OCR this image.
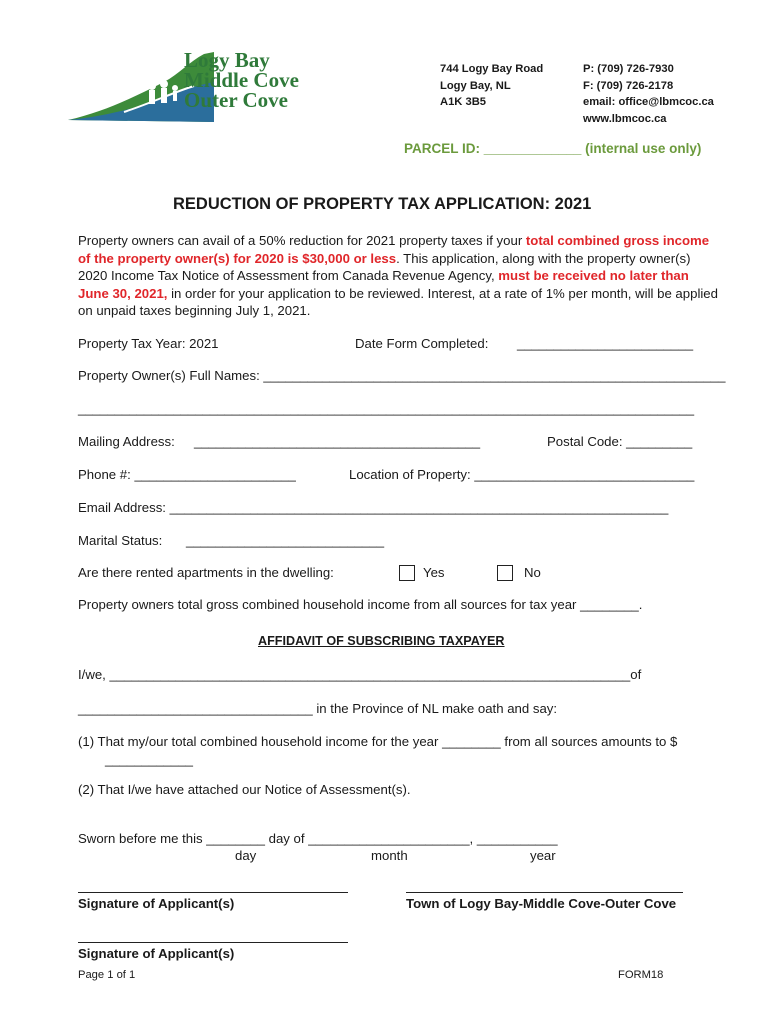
Logy Bay
Middle Cove
Outer Cove
744 Logy Bay Road
Logy Bay, NL
A1K 3B5
P: (709) 726-7930
F: (709) 726-2178
email: office@lbmcoc.ca
www.lbmcoc.ca
PARCEL ID: _____________ (internal use only)
REDUCTION OF PROPERTY TAX APPLICATION: 2021
Property owners can avail of a 50% reduction for 2021 property taxes if your total combined gross income of the property owner(s) for 2020 is $30,000 or less. This application, along with the property owner(s) 2020 Income Tax Notice of Assessment from Canada Revenue Agency, must be received no later than June 30, 2021, in order for your application to be reviewed. Interest, at a rate of 1% per month, will be applied on unpaid taxes beginning July 1, 2021.
Property Tax Year: 2021	Date Form Completed: ________________________
Property Owner(s) Full Names: _______________________________________________________________
____________________________________________________________________________________
Mailing Address: _______________________________________	Postal Code: _________
Phone #: ______________________	Location of Property: ______________________________
Email Address: ____________________________________________________________________
Marital Status: ___________________________
Are there rented apartments in the dwelling:	Yes	No
Property owners total gross combined household income from all sources for tax year ________.
AFFIDAVIT OF SUBSCRIBING TAXPAYER
I/we, _______________________________________________________________________of
________________________________ in the Province of NL make oath and say:
(1) That my/our total combined household income for the year ________ from all sources amounts to $
____________
(2) That I/we have attached our Notice of Assessment(s).
Sworn before me this ________ day of ______________________, ___________
day	month	year
Signature of Applicant(s)	Town of Logy Bay-Middle Cove-Outer Cove
Signature of Applicant(s)
Page 1 of 1	FORM18
